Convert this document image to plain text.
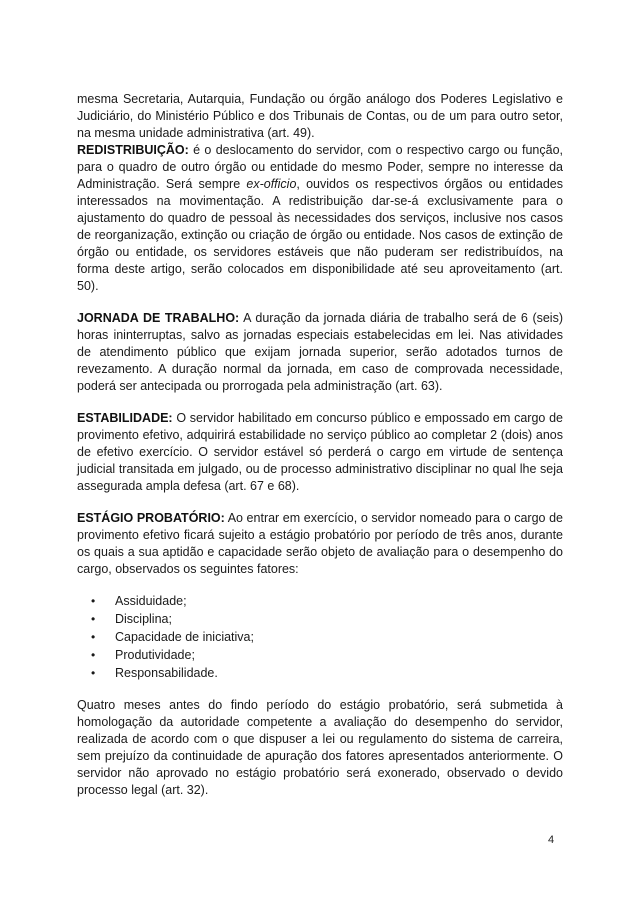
mesma Secretaria, Autarquia, Fundação ou órgão análogo dos Poderes Legislativo e Judiciário, do Ministério Público e dos Tribunais de Contas, ou de um para outro setor, na mesma unidade administrativa (art. 49).

REDISTRIBUIÇÃO: é o deslocamento do servidor, com o respectivo cargo ou função, para o quadro de outro órgão ou entidade do mesmo Poder, sempre no interesse da Administração. Será sempre ex-officio, ouvidos os respectivos órgãos ou entidades interessados na movimentação. A redistribuição dar-se-á exclusivamente para o ajustamento do quadro de pessoal às necessidades dos serviços, inclusive nos casos de reorganização, extinção ou criação de órgão ou entidade. Nos casos de extinção de órgão ou entidade, os servidores estáveis que não puderam ser redistribuídos, na forma deste artigo, serão colocados em disponibilidade até seu aproveitamento (art. 50).

JORNADA DE TRABALHO: A duração da jornada diária de trabalho será de 6 (seis) horas ininterruptas, salvo as jornadas especiais estabelecidas em lei. Nas atividades de atendimento público que exijam jornada superior, serão adotados turnos de revezamento. A duração normal da jornada, em caso de comprovada necessidade, poderá ser antecipada ou prorrogada pela administração (art. 63).

ESTABILIDADE: O servidor habilitado em concurso público e empossado em cargo de provimento efetivo, adquirirá estabilidade no serviço público ao completar 2 (dois) anos de efetivo exercício. O servidor estável só perderá o cargo em virtude de sentença judicial transitada em julgado, ou de processo administrativo disciplinar no qual lhe seja assegurada ampla defesa (art. 67 e 68).

ESTÁGIO PROBATÓRIO: Ao entrar em exercício, o servidor nomeado para o cargo de provimento efetivo ficará sujeito a estágio probatório por período de três anos, durante os quais a sua aptidão e capacidade serão objeto de avaliação para o desempenho do cargo, observados os seguintes fatores:

• Assiduidade;
• Disciplina;
• Capacidade de iniciativa;
• Produtividade;
• Responsabilidade.

Quatro meses antes do findo período do estágio probatório, será submetida à homologação da autoridade competente a avaliação do desempenho do servidor, realizada de acordo com o que dispuser a lei ou regulamento do sistema de carreira, sem prejuízo da continuidade de apuração dos fatores apresentados anteriormente. O servidor não aprovado no estágio probatório será exonerado, observado o devido processo legal (art. 32).

4
